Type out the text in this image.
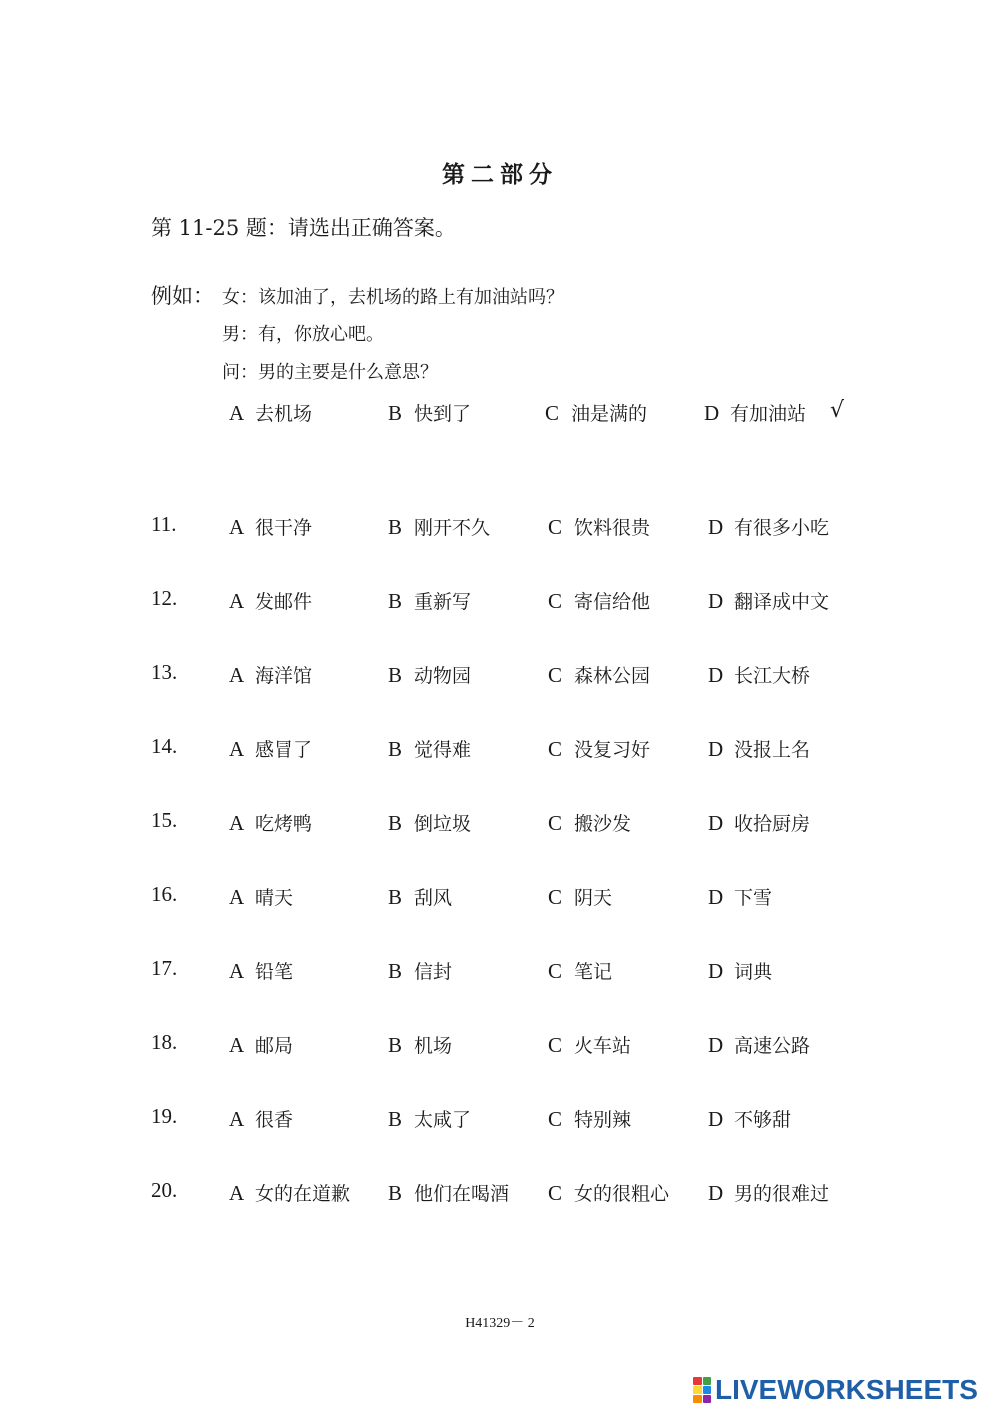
第二部分
第 11-25 题：请选出正确答案。
例如： 女：该加油了，去机场的路上有加油站吗？
男：有，你放心吧。
问：男的主要是什么意思？
A 去机场	B 快到了	C 油是满的	D 有加油站 √
11.	A 很干净	B 刚开不久	C 饮料很贵	D 有很多小吃
12. A 发邮件	B 重新写	C 寄信给他	D 翻译成中文
13. A 海洋馆	B 动物园	C 森林公园	D 长江大桥
14. A 感冒了	B 觉得难	C 没复习好	D 没报上名
15. A 吃烤鸭	B 倒垃圾	C 搬沙发	D 收拾厨房
16. A 晴天	B 刮风	C 阴天	D 下雪
17. A 铅笔	B 信封	C 笔记	D 词典
18. A 邮局	B 机场	C 火车站	D 高速公路
19. A 很香	B 太咸了	C 特别辣	D 不够甜
20. A 女的在道歉 B 他们在喝酒 C 女的很粗心 D 男的很难过
H41329－ 2
LIVEWORKSHEETS
